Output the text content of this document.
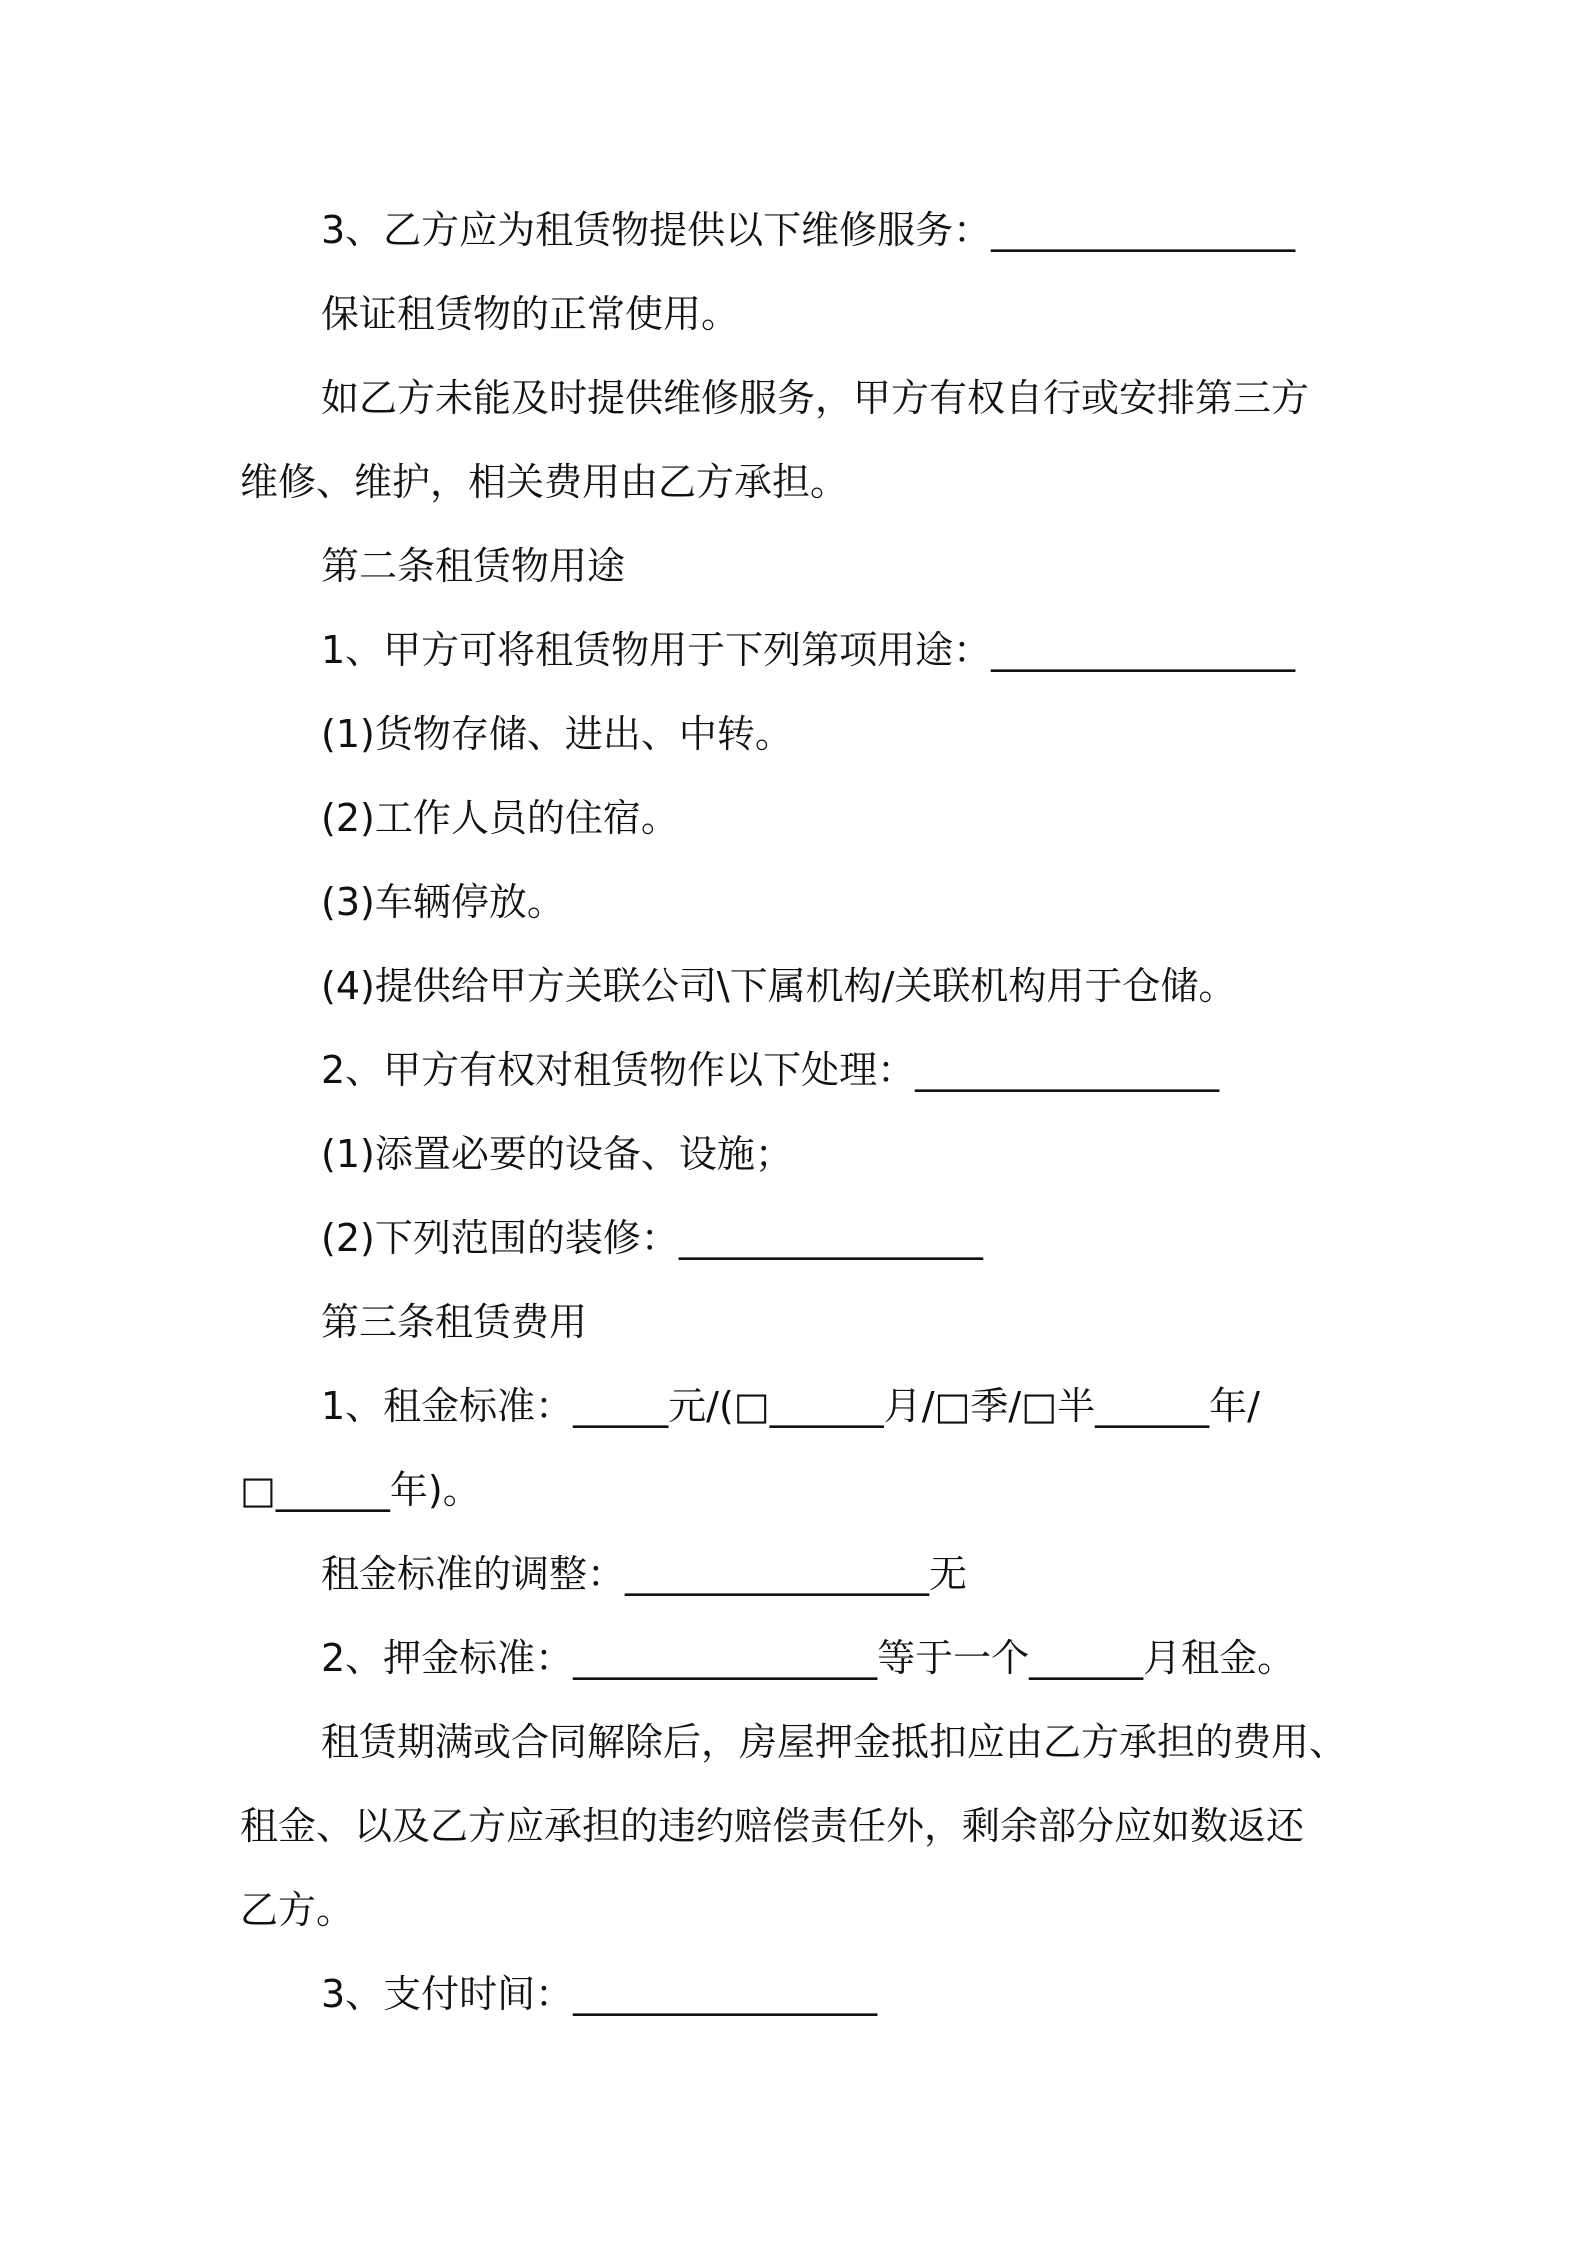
3、乙方应为租赁物提供以下维修服务：________________

保证租赁物的正常使用。

如乙方未能及时提供维修服务，甲方有权自行或安排第三方
维修、维护，相关费用由乙方承担。

第二条租赁物用途

1、甲方可将租赁物用于下列第项用途：________________

(1)货物存储、进出、中转。

(2)工作人员的住宿。

(3)车辆停放。

(4)提供给甲方关联公司\下属机构/关联机构用于仓储。

2、甲方有权对租赁物作以下处理：________________

(1)添置必要的设备、设施；

(2)下列范围的装修：________________

第三条租赁费用

1、租金标准：_____元/(□______月/□季/□半______年/
□______年)。

租金标准的调整：________________无

2、押金标准：________________等于一个______月租金。

租赁期满或合同解除后，房屋押金抵扣应由乙方承担的费用、
租金、以及乙方应承担的违约赔偿责任外，剩余部分应如数返还
乙方。

3、支付时间：________________
